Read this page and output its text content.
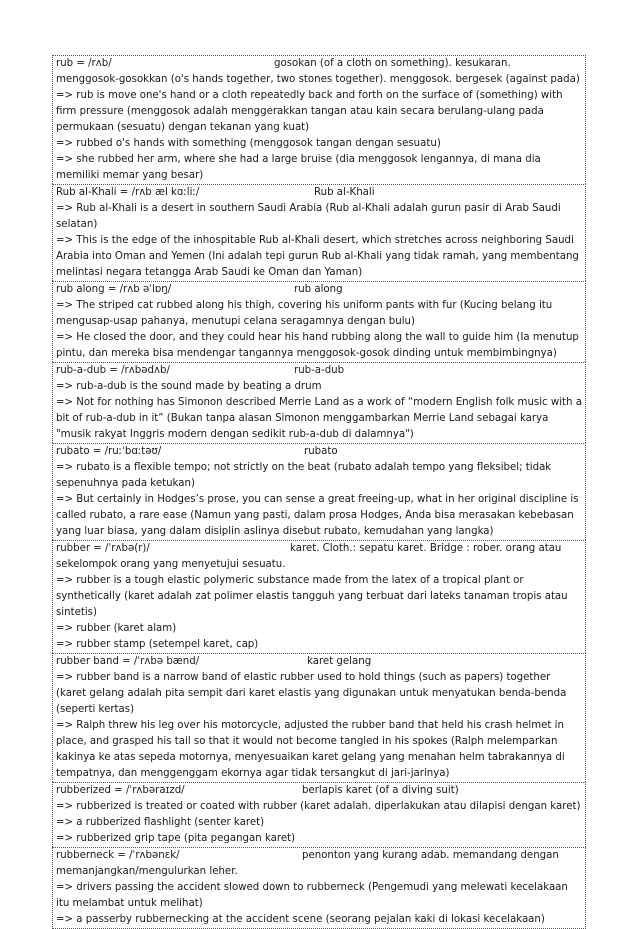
rub = /rʌb/	gosokan (of a cloth on something). kesukaran.
menggosok-gosokkan (o's hands together, two stones together). menggosok. bergesek (against pada)
=> rub is move one's hand or a cloth repeatedly back and forth on the surface of (something) with firm pressure (menggosok adalah menggerakkan tangan atau kain secara berulang-ulang pada permukaan (sesuatu) dengan tekanan yang kuat)
=> rubbed o's hands with something (menggosok tangan dengan sesuatu)
=> she rubbed her arm, where she had a large bruise (dia menggosok lengannya, di mana dia memiliki memar yang besar)
Rub al-Khali = /rʌb æl kɑːliː/	Rub al-Khali
=> Rub al-Khali is a desert in southern Saudi Arabia (Rub al-Khali adalah gurun pasir di Arab Saudi selatan)
=> This is the edge of the inhospitable Rub al-Khali desert, which stretches across neighboring Saudi Arabia into Oman and Yemen (Ini adalah tepi gurun Rub al-Khali yang tidak ramah, yang membentang melintasi negara tetangga Arab Saudi ke Oman dan Yaman)
rub along = /rʌb əˈlɒŋ/	rub along
=> The striped cat rubbed along his thigh, covering his uniform pants with fur (Kucing belang itu mengusap-usap pahanya, menutupi celana seragamnya dengan bulu)
=> He closed the door, and they could hear his hand rubbing along the wall to guide him (Ia menutup pintu, dan mereka bisa mendengar tangannya menggosok-gosok dinding untuk membimbingnya)
rub-a-dub = /rʌbədʌb/	rub-a-dub
=> rub-a-dub is the sound made by beating a drum
=> Not for nothing has Simonon described Merrie Land as a work of “modern English folk music with a bit of rub-a-dub in it” (Bukan tanpa alasan Simonon menggambarkan Merrie Land sebagai karya "musik rakyat Inggris modern dengan sedikit rub-a-dub di dalamnya")
rubato = /ruːˈbɑːtəʊ/	rubato
=> rubato is a flexible tempo; not strictly on the beat (rubato adalah tempo yang fleksibel; tidak sepenuhnya pada ketukan)
=> But certainly in Hodges’s prose, you can sense a great freeing-up, what in her original discipline is called rubato, a rare ease (Namun yang pasti, dalam prosa Hodges, Anda bisa merasakan kebebasan yang luar biasa, yang dalam disiplin aslinya disebut rubato, kemudahan yang langka)
rubber = /ˈrʌbə(r)/	karet. Cloth.: sepatu karet. Bridge : rober. orang atau
sekelompok orang yang menyetujui sesuatu.
=> rubber is a tough elastic polymeric substance made from the latex of a tropical plant or synthetically (karet adalah zat polimer elastis tangguh yang terbuat dari lateks tanaman tropis atau sintetis)
=> rubber (karet alam)
=> rubber stamp (setempel karet, cap)
rubber band = /ˈrʌbə bænd/	karet gelang
=> rubber band is a narrow band of elastic rubber used to hold things (such as papers) together (karet gelang adalah pita sempit dari karet elastis yang digunakan untuk menyatukan benda-benda (seperti kertas)
=> Ralph threw his leg over his motorcycle, adjusted the rubber band that held his crash helmet in place, and grasped his tail so that it would not become tangled in his spokes (Ralph melemparkan kakinya ke atas sepeda motornya, menyesuaikan karet gelang yang menahan helm tabrakannya di tempatnya, dan menggenggam ekornya agar tidak tersangkut di jari-jarinya)
rubberized = /ˈrʌbəraɪzd/	berlapis karet (of a diving suit)
=> rubberized is treated or coated with rubber (karet adalah. diperlakukan atau dilapisi dengan karet)
=> a rubberized flashlight (senter karet)
=> rubberized grip tape (pita pegangan karet)
rubberneck = /ˈrʌbənɛk/	penonton yang kurang adab. memandang dengan
memanjangkan/mengulurkan leher.
=> drivers passing the accident slowed down to rubberneck (Pengemudi yang melewati kecelakaan itu melambat untuk melihat)
=> a passerby rubbernecking at the accident scene (seorang pejalan kaki di lokasi kecelakaan)
